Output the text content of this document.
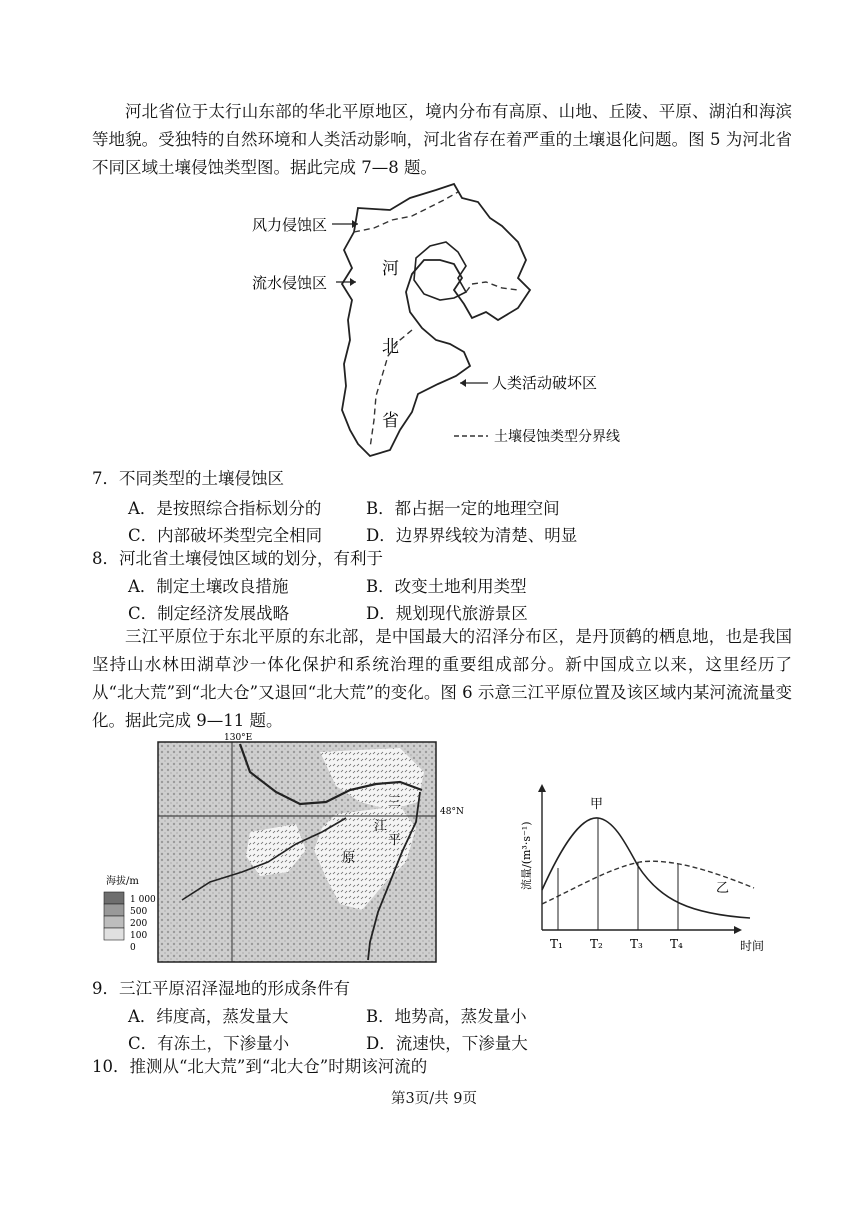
河北省位于太行山东部的华北平原地区，境内分布有高原、山地、丘陵、平原、湖泊和海滨等地貌。受独特的自然环境和人类活动影响，河北省存在着严重的土壤退化问题。图 5 为河北省不同区域土壤侵蚀类型图。据此完成 7—8 题。
风力侵蚀区
流水侵蚀区
人类活动破坏区
河
北
省
土壤侵蚀类型分界线
7．不同类型的土壤侵蚀区
A．是按照综合指标划分的	B．都占据一定的地理空间
C．内部破坏类型完全相同	D．边界界线较为清楚、明显
8．河北省土壤侵蚀区域的划分，有利于
A．制定土壤改良措施	B．改变土地利用类型
C．制定经济发展战略	D．规划现代旅游景区
三江平原位于东北平原的东北部，是中国最大的沼泽分布区，是丹顶鹤的栖息地，也是我国坚持山水林田湖草沙一体化保护和系统治理的重要组成部分。新中国成立以来，这里经历了从“北大荒”到“北大仓”又退回“北大荒”的变化。图 6 示意三江平原位置及该区域内某河流流量变化。据此完成 9—11 题。
130°E
48°N
三
江
平
原
海拔/m
1 000
500
200
100
0
流量/(m³·s⁻¹)
甲
乙
T₁ T₂ T₃ T₄	时间
9．三江平原沼泽湿地的形成条件有
A．纬度高，蒸发量大	B．地势高，蒸发量小
C．有冻土，下渗量小	D．流速快，下渗量大
10．推测从“北大荒”到“北大仓”时期该河流的
第3页/共 9页
